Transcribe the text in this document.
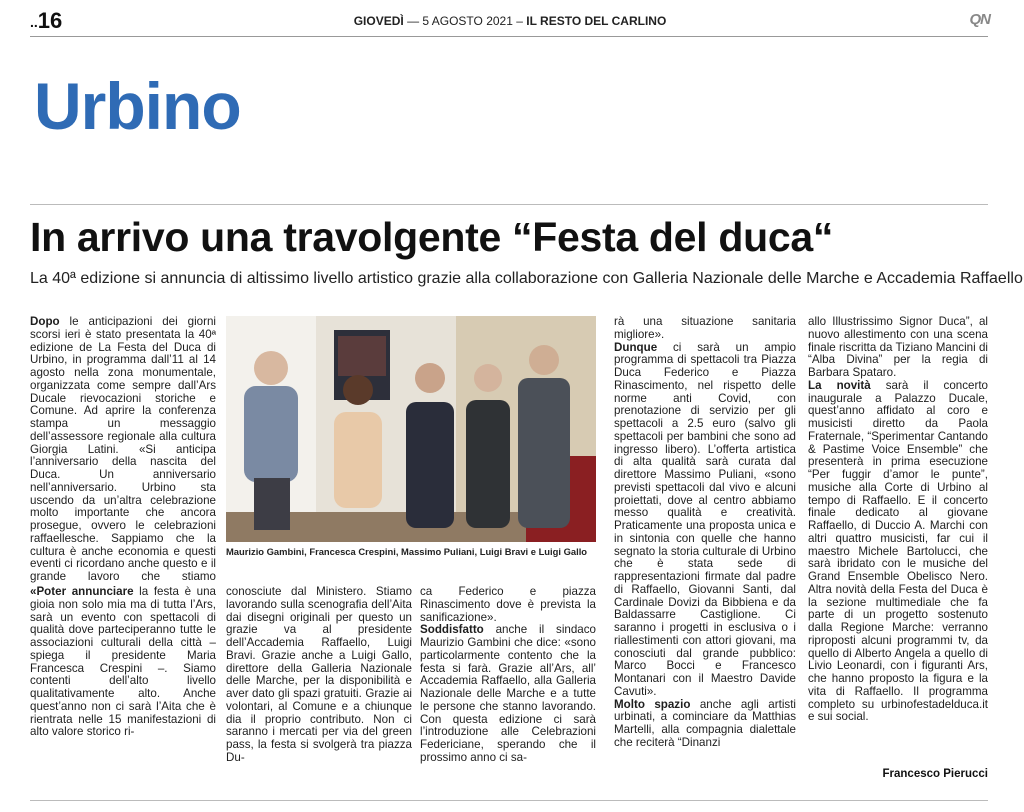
..16	GIOVEDÌ — 5 AGOSTO 2021 – IL RESTO DEL CARLINO	QN
Urbino
In arrivo una travolgente “Festa del duca“
La 40ª edizione si annuncia di altissimo livello artistico grazie alla collaborazione con Galleria Nazionale delle Marche e Accademia Raffaello

Dopo le anticipazioni dei giorni scorsi ieri è stato presentata la 40ª edizione de La Festa del Duca di Urbino, in programma dall’11 al 14 agosto nella zona monumentale, organizzata come sempre dall’Ars Ducale rievocazioni storiche e Comune. Ad aprire la conferenza stampa un messaggio dell’assessore regionale alla cultura Giorgia Latini. «Si anticipa l’anniversario della nascita del Duca. Un anniversario nell’anniversario. Urbino sta uscendo da un’altra celebrazione molto importante che ancora prosegue, ovvero le celebrazioni raffaellesche. Sappiamo che la cultura è anche economia e questi eventi ci ricordano anche questo e il grande lavoro che stiamo

«Poter annunciare la festa è una gioia non solo mia ma di tutta l’Ars, sarà un evento con spettacoli di qualità dove parteciperanno tutte le associazioni culturali della città – spiega il presidente Maria Francesca Crespini –. Siamo contenti dell’alto livello qualitativamente alto. Anche quest’anno non ci sarà l’Aita che è rientrata nelle 15 manifestazioni di alto valore storico ri-

Maurizio Gambini, Francesca Crespini, Massimo Puliani, Luigi Bravi e Luigi Gallo

conosciute dal Ministero. Stiamo lavorando sulla scenografia dell’Aita dai disegni originali per questo un grazie va al presidente dell’Accademia Raffaello, Luigi Bravi. Grazie anche a Luigi Gallo, direttore della Galleria Nazionale delle Marche, per la disponibilità e aver dato gli spazi gratuiti. Grazie ai volontari, al Comune e a chiunque dia il proprio contributo. Non ci saranno i mercati per via del green pass, la festa si svolgerà tra piazza Du-

ca Federico e piazza Rinascimento dove è prevista la sanificazione».

Soddisfatto anche il sindaco Maurizio Gambini che dice: «sono particolarmente contento che la festa si farà. Grazie all’Ars, all’ Accademia Raffaello, alla Galleria Nazionale delle Marche e a tutte le persone che stanno lavorando. Con questa edizione ci sarà l’introduzione alle Celebrazioni Federiciane, sperando che il prossimo anno ci sa-

rà una situazione sanitaria migliore».

Dunque ci sarà un ampio programma di spettacoli tra Piazza Duca Federico e Piazza Rinascimento, nel rispetto delle norme anti Covid, con prenotazione di servizio per gli spettacoli a 2.5 euro (salvo gli spettacoli per bambini che sono ad ingresso libero). L’offerta artistica di alta qualità sarà curata dal direttore Massimo Puliani, «sono previsti spettacoli dal vivo e alcuni proiettati, dove al centro abbiamo messo qualità e creatività. Praticamente una proposta unica e in sintonia con quelle che hanno segnato la storia culturale di Urbino che è stata sede di rappresentazioni firmate dal padre di Raffaello, Giovanni Santi, dal Cardinale Dovizi da Bibbiena e da Baldassarre Castiglione. Ci saranno i progetti in esclusiva o i riallestimenti con attori giovani, ma conosciuti dal grande pubblico: Marco Bocci e Francesco Montanari con il Maestro Davide Cavuti».

Molto spazio anche agli artisti urbinati, a cominciare da Matthias Martelli, alla compagnia dialettale che reciterà “Dinanzi

allo Illustrissimo Signor Duca”, al nuovo allestimento con una scena finale riscritta da Tiziano Mancini di “Alba Divina” per la regia di Barbara Spataro.

La novità sarà il concerto inaugurale a Palazzo Ducale, quest’anno affidato al coro e musicisti diretto da Paola Fraternale, “Sperimentar Cantando & Pastime Voice Ensemble” che presenterà in prima esecuzione “Per fuggir d’amor le punte”, musiche alla Corte di Urbino al tempo di Raffaello. E il concerto finale dedicato al giovane Raffaello, di Duccio A. Marchi con altri quattro musicisti, far cui il maestro Michele Bartolucci, che sarà ibridato con le musiche del Grand Ensemble Obelisco Nero. Altra novità della Festa del Duca è la sezione multimediale che fa parte di un progetto sostenuto dalla Regione Marche: verranno riproposti alcuni programmi tv, da quello di Alberto Angela a quello di Livio Leonardi, con i figuranti Ars, che hanno proposto la figura e la vita di Raffaello. Il programma completo su urbinofestadelduca.it e sui social.

Francesco Pierucci
